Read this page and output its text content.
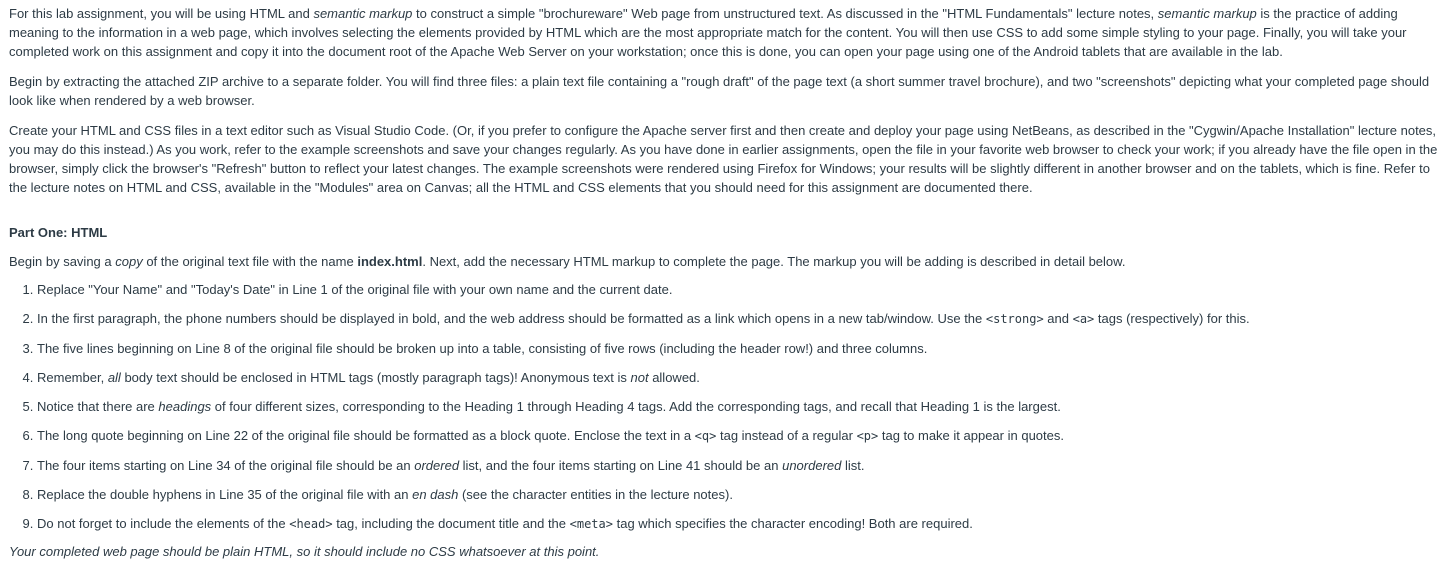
For this lab assignment, you will be using HTML and semantic markup to construct a simple "brochureware" Web page from unstructured text. As discussed in the "HTML Fundamentals" lecture notes, semantic markup is the practice of adding meaning to the information in a web page, which involves selecting the elements provided by HTML which are the most appropriate match for the content. You will then use CSS to add some simple styling to your page. Finally, you will take your completed work on this assignment and copy it into the document root of the Apache Web Server on your workstation; once this is done, you can open your page using one of the Android tablets that are available in the lab.

Begin by extracting the attached ZIP archive to a separate folder. You will find three files: a plain text file containing a "rough draft" of the page text (a short summer travel brochure), and two "screenshots" depicting what your completed page should look like when rendered by a web browser.

Create your HTML and CSS files in a text editor such as Visual Studio Code. (Or, if you prefer to configure the Apache server first and then create and deploy your page using NetBeans, as described in the "Cygwin/Apache Installation" lecture notes, you may do this instead.) As you work, refer to the example screenshots and save your changes regularly. As you have done in earlier assignments, open the file in your favorite web browser to check your work; if you already have the file open in the browser, simply click the browser's "Refresh" button to reflect your latest changes. The example screenshots were rendered using Firefox for Windows; your results will be slightly different in another browser and on the tablets, which is fine. Refer to the lecture notes on HTML and CSS, available in the "Modules" area on Canvas; all the HTML and CSS elements that you should need for this assignment are documented there.

Part One: HTML

Begin by saving a copy of the original text file with the name index.html. Next, add the necessary HTML markup to complete the page. The markup you will be adding is described in detail below.

1. Replace "Your Name" and "Today's Date" in Line 1 of the original file with your own name and the current date.
2. In the first paragraph, the phone numbers should be displayed in bold, and the web address should be formatted as a link which opens in a new tab/window. Use the <strong> and <a> tags (respectively) for this.
3. The five lines beginning on Line 8 of the original file should be broken up into a table, consisting of five rows (including the header row!) and three columns.
4. Remember, all body text should be enclosed in HTML tags (mostly paragraph tags)! Anonymous text is not allowed.
5. Notice that there are headings of four different sizes, corresponding to the Heading 1 through Heading 4 tags. Add the corresponding tags, and recall that Heading 1 is the largest.
6. The long quote beginning on Line 22 of the original file should be formatted as a block quote. Enclose the text in a <q> tag instead of a regular <p> tag to make it appear in quotes.
7. The four items starting on Line 34 of the original file should be an ordered list, and the four items starting on Line 41 should be an unordered list.
8. Replace the double hyphens in Line 35 of the original file with an en dash (see the character entities in the lecture notes).
9. Do not forget to include the elements of the <head> tag, including the document title and the <meta> tag which specifies the character encoding! Both are required.

Your completed web page should be plain HTML, so it should include no CSS whatsoever at this point.
